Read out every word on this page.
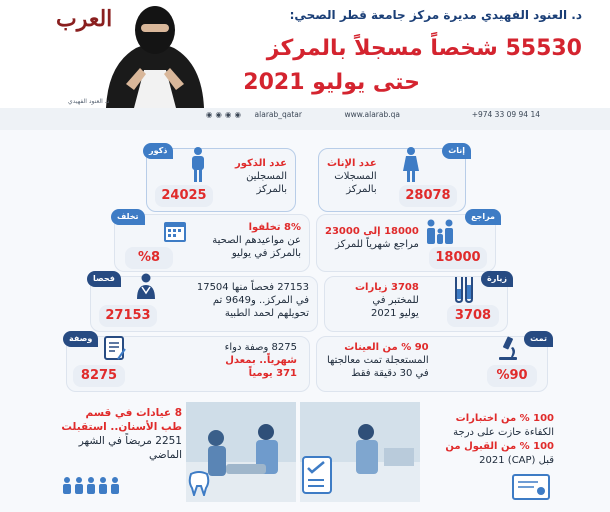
العرب
د. العنود الفهيدي
د. العنود الفهيدي مديرة مركز جامعة قطر الصحي:
55530 شخصاً مسجلاً بالمركز
حتى يوليو 2021
+974 33 09 94 14
www.alarab.qa
alarab_qatar
◉◉◉◉
ذكور
24025
عدد الذكور
المسجلين
بالمركز
إناث
28078
عدد الإناث
المسجلات
بالمركز
تخلف
%8
8% تخلفوا
عن مواعيدهم الصحية
بالمركز في يوليو
مراجع
18000
18000 إلى 23000
مراجع شهرياً للمركز
فحصا
27153
27153 فحصاً منها 17504
في المركز.. و9649 تم
تحويلهم لحمد الطبية
زيارة
3708
3708 زيارات
للمختبر في
يوليو 2021
وصفة
8275
8275 وصفة دواء
شهرياً.. بمعدل
371 يومياً
تمت
%90
90 % من العينات
المستعجلة تمت معالجتها
في 30 دقيقة فقط
8 عيادات في قسم
طب الأسنان.. استقبلت
2251 مريضاً في الشهر
الماضي
100 % من اختبارات
الكفاءة حازت على درجة
100 % من القبول من
قبل (CAP) 2021
